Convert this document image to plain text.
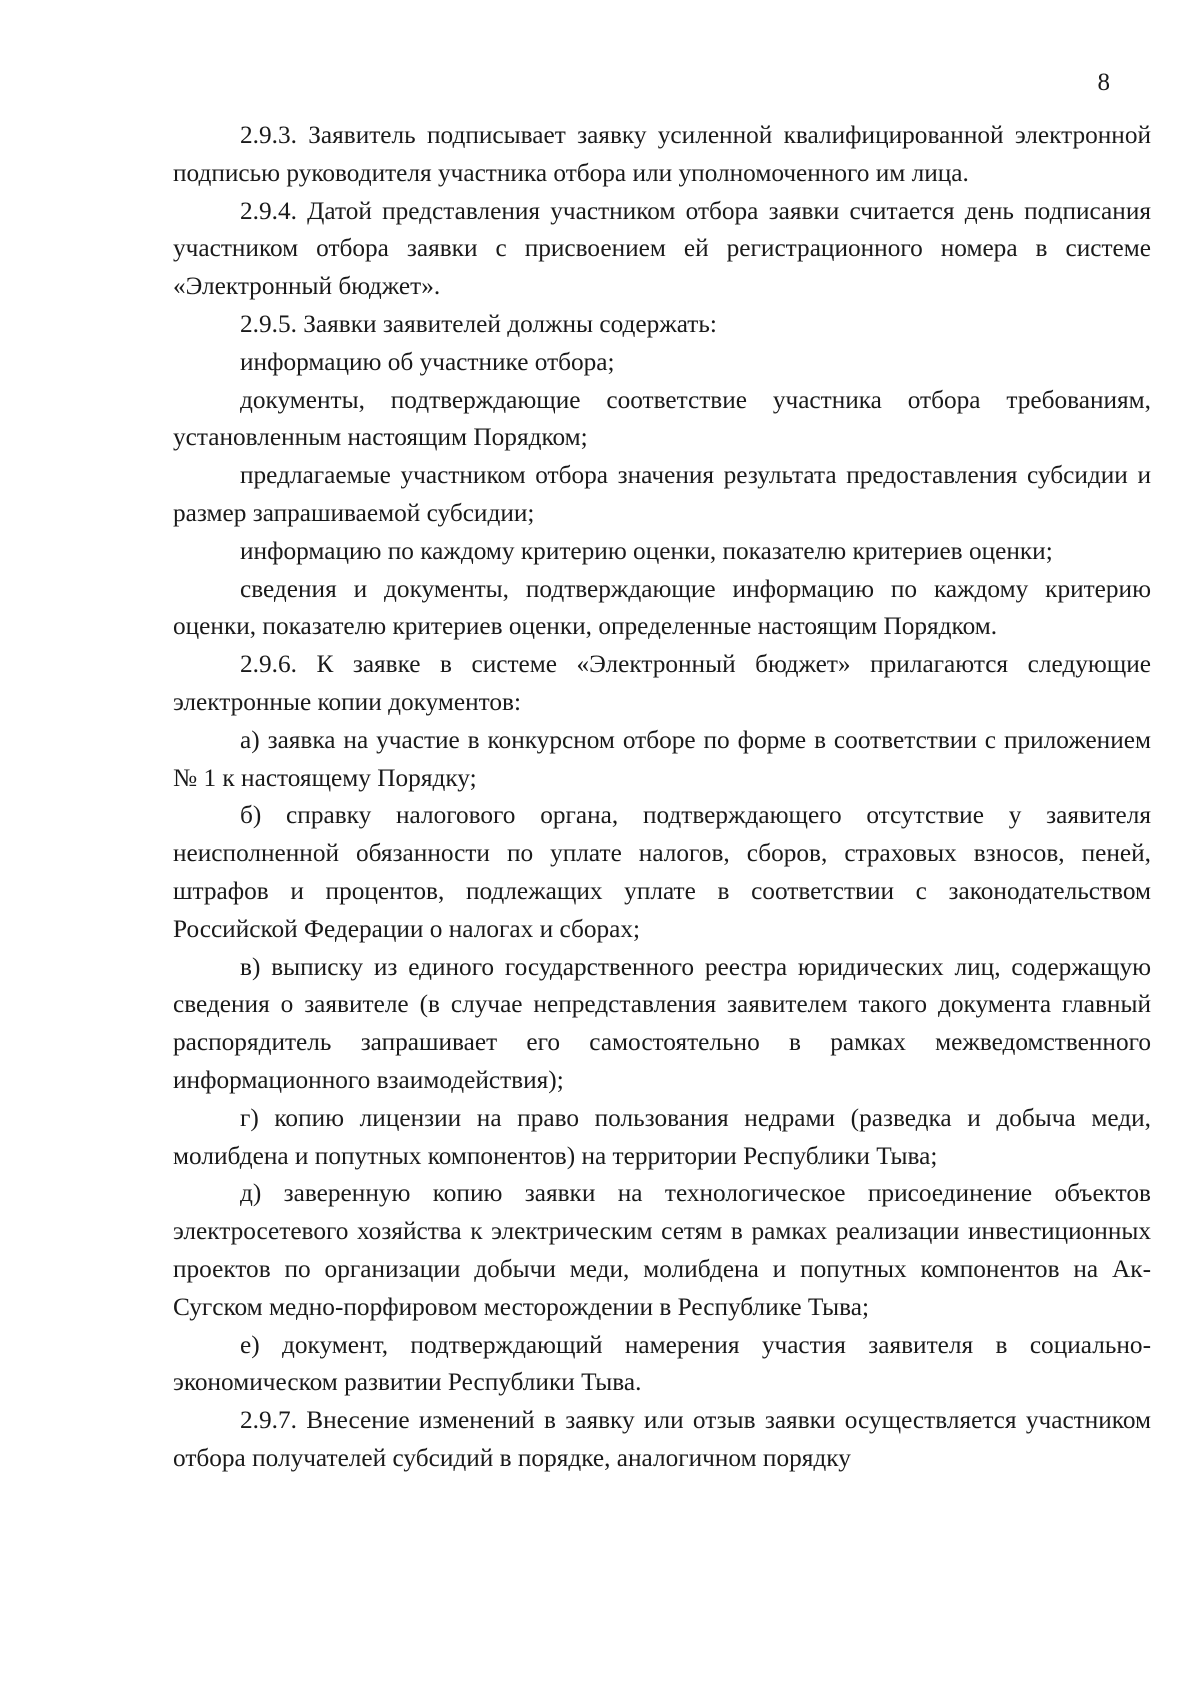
8

2.9.3. Заявитель подписывает заявку усиленной квалифицированной электронной подписью руководителя участника отбора или уполномоченного им лица.

2.9.4. Датой представления участником отбора заявки считается день подписания участником отбора заявки с присвоением ей регистрационного номера в системе «Электронный бюджет».

2.9.5. Заявки заявителей должны содержать:

информацию об участнике отбора;

документы, подтверждающие соответствие участника отбора требованиям, установленным настоящим Порядком;

предлагаемые участником отбора значения результата предоставления субсидии и размер запрашиваемой субсидии;

информацию по каждому критерию оценки, показателю критериев оценки;

сведения и документы, подтверждающие информацию по каждому критерию оценки, показателю критериев оценки, определенные настоящим Порядком.

2.9.6. К заявке в системе «Электронный бюджет» прилагаются следующие электронные копии документов:

а) заявка на участие в конкурсном отборе по форме в соответствии с приложением № 1 к настоящему Порядку;

б) справку налогового органа, подтверждающего отсутствие у заявителя неисполненной обязанности по уплате налогов, сборов, страховых взносов, пеней, штрафов и процентов, подлежащих уплате в соответствии с законодательством Российской Федерации о налогах и сборах;

в) выписку из единого государственного реестра юридических лиц, содержащую сведения о заявителе (в случае непредставления заявителем такого документа главный распорядитель запрашивает его самостоятельно в рамках межведомственного информационного взаимодействия);

г) копию лицензии на право пользования недрами (разведка и добыча меди, молибдена и попутных компонентов) на территории Республики Тыва;

д) заверенную копию заявки на технологическое присоединение объектов электросетевого хозяйства к электрическим сетям в рамках реализации инвестиционных проектов по организации добычи меди, молибдена и попутных компонентов на Ак-Сугском медно-порфировом месторождении в Республике Тыва;

е) документ, подтверждающий намерения участия заявителя в социально-экономическом развитии Республики Тыва.

2.9.7. Внесение изменений в заявку или отзыв заявки осуществляется участником отбора получателей субсидий в порядке, аналогичном порядку
